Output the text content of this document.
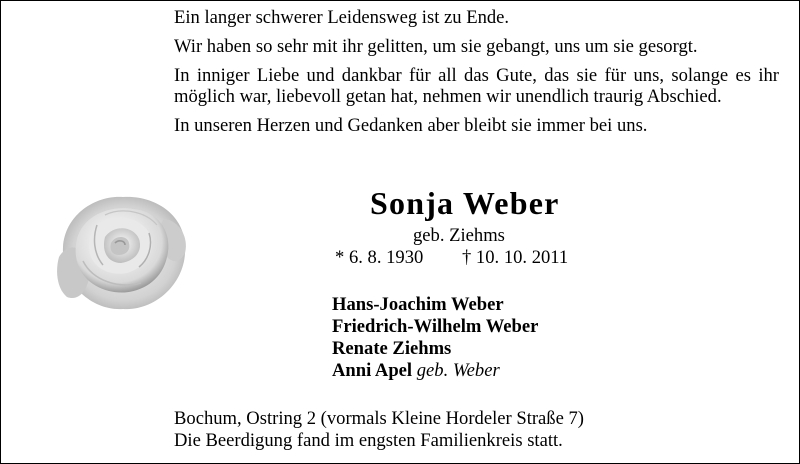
Ein langer schwerer Leidensweg ist zu Ende.

Wir haben so sehr mit ihr gelitten, um sie gebangt, uns um sie gesorgt.

In inniger Liebe und dankbar für all das Gute, das sie für uns, solange es ihr möglich war, liebevoll getan hat, nehmen wir unendlich traurig Abschied.

In unseren Herzen und Gedanken aber bleibt sie immer bei uns.

Sonja Weber
geb. Ziehms
* 6. 8. 1930 † 10. 10. 2011
Hans-Joachim Weber
Friedrich-Wilhelm Weber
Renate Ziehms
Anni Apel geb. Weber
Bochum, Ostring 2 (vormals Kleine Hordeler Straße 7)
Die Beerdigung fand im engsten Familienkreis statt.
